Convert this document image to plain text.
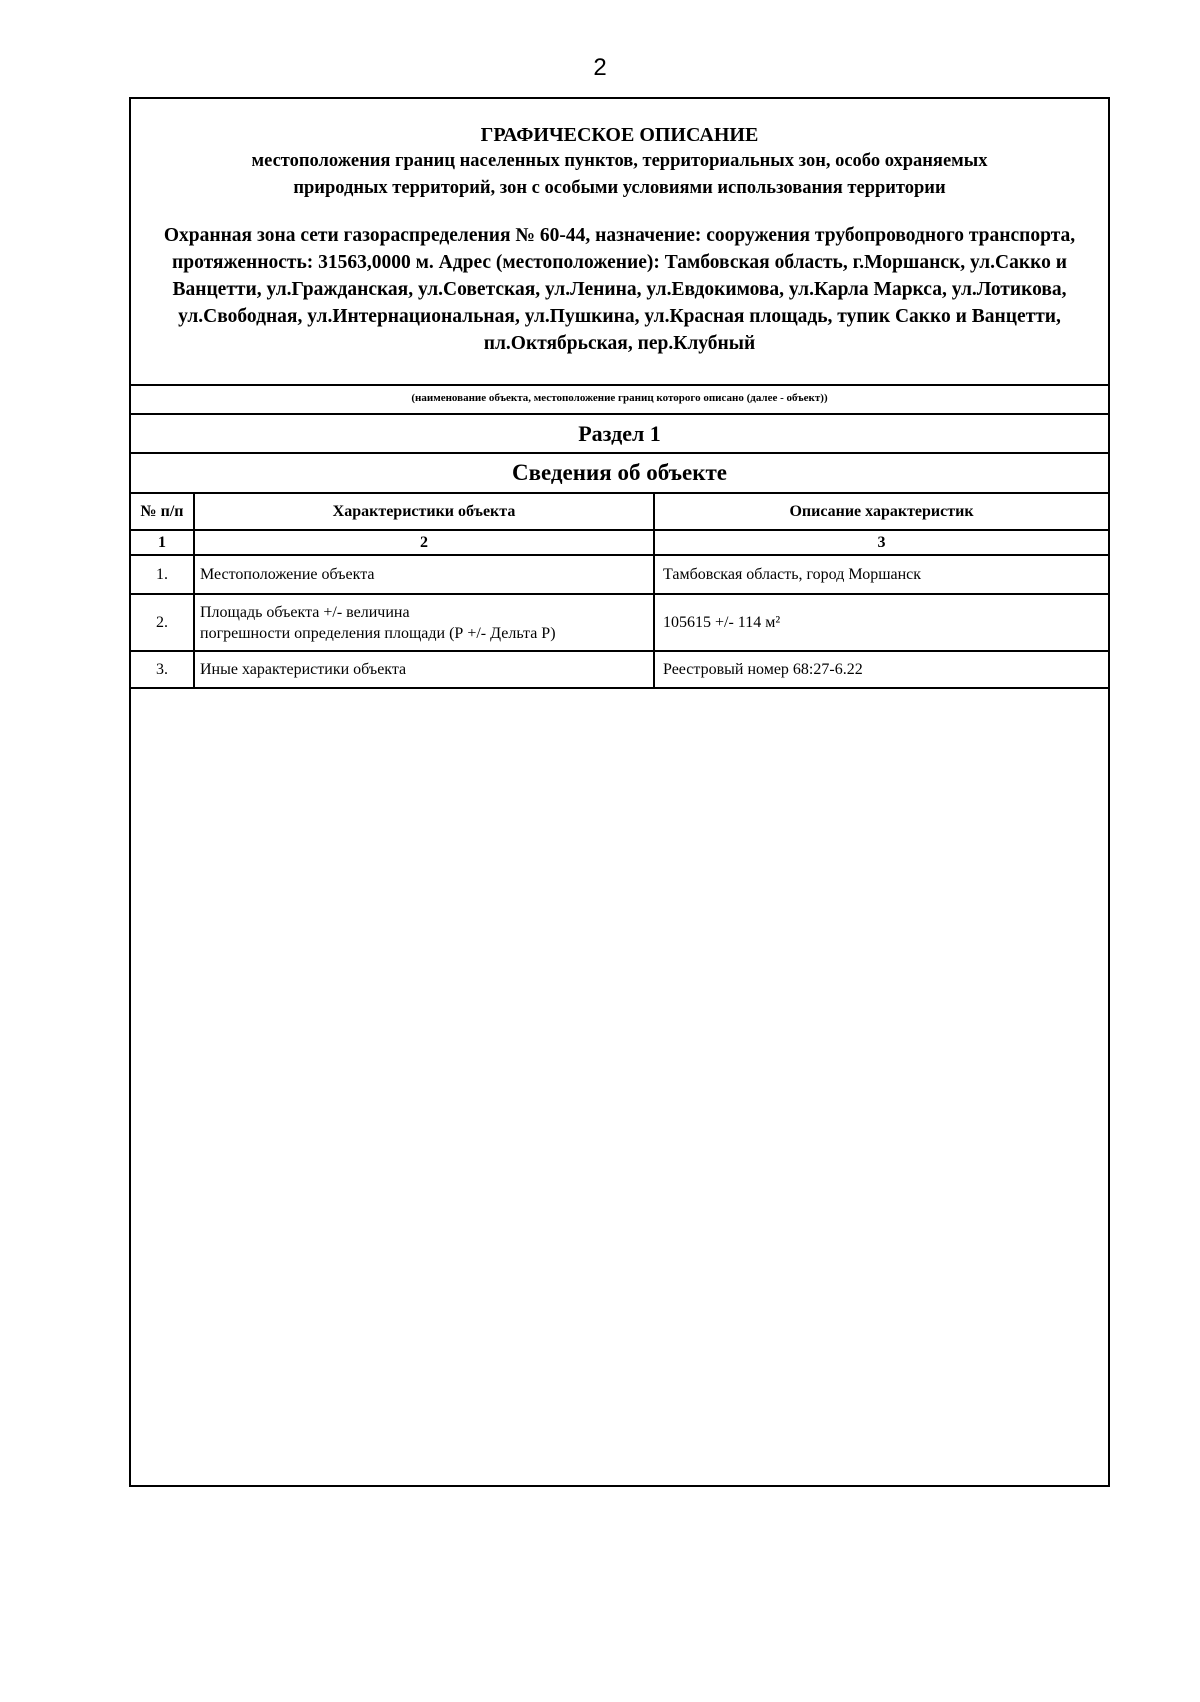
2
ГРАФИЧЕСКОЕ ОПИСАНИЕ
местоположения границ населенных пунктов, территориальных зон, особо охраняемых
природных территорий, зон с особыми условиями использования территории
Охранная зона сети газораспределения № 60-44, назначение: сооружения трубопроводного транспорта, протяженность: 31563,0000 м. Адрес (местоположение): Тамбовская область, г.Моршанск, ул.Сакко и Ванцетти, ул.Гражданская, ул.Советская, ул.Ленина, ул.Евдокимова, ул.Карла Маркса, ул.Лотикова, ул.Свободная, ул.Интернациональная, ул.Пушкина, ул.Красная площадь, тупик Сакко и Ванцетти, пл.Октябрьская, пер.Клубный
(наименование объекта, местоположение границ которого описано (далее - объект))
Раздел 1
Сведения об объекте
№ п/п	Характеристики объекта	Описание характеристик
1	2	3
1.	Местоположение объекта	Тамбовская область, город Моршанск
2.	Площадь объекта +/- величина
погрешности определения площади (Р +/- Дельта Р)	105615 +/- 114 м²
3.	Иные характеристики объекта	Реестровый номер 68:27-6.22
